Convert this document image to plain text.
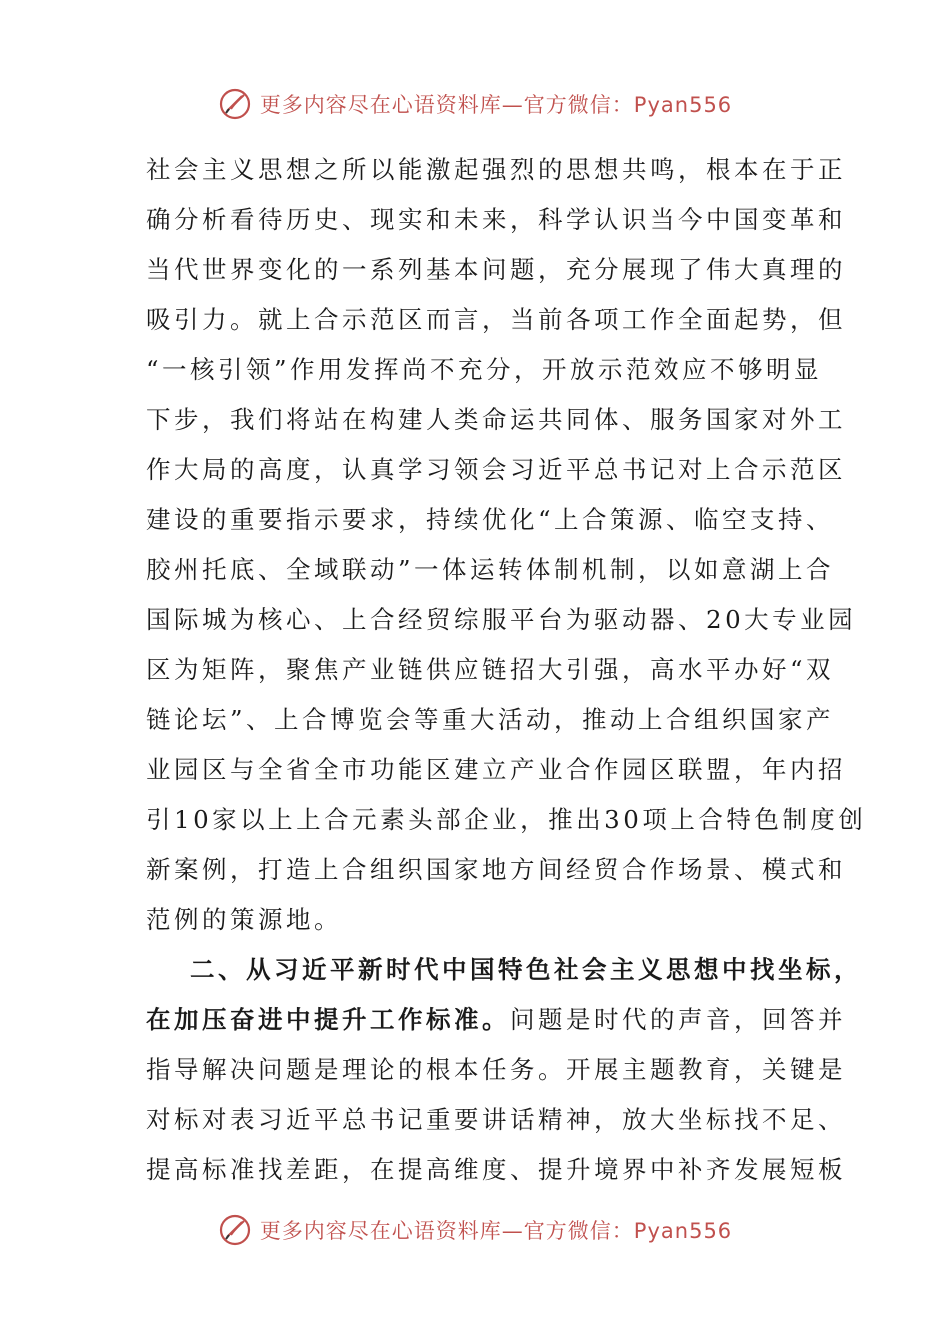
更多内容尽在心语资料库—官方微信：Pyan556
社会主义思想之所以能激起强烈的思想共鸣，根本在于正
确分析看待历史、现实和未来，科学认识当今中国变革和
当代世界变化的一系列基本问题，充分展现了伟大真理的
吸引力。就上合示范区而言，当前各项工作全面起势，但
“一核引领”作用发挥尚不充分，开放示范效应不够明显
下步，我们将站在构建人类命运共同体、服务国家对外工
作大局的高度，认真学习领会习近平总书记对上合示范区
建设的重要指示要求，持续优化“上合策源、临空支持、
胶州托底、全域联动”一体运转体制机制，以如意湖上合
国际城为核心、上合经贸综服平台为驱动器、20大专业园
区为矩阵，聚焦产业链供应链招大引强，高水平办好“双
链论坛”、上合博览会等重大活动，推动上合组织国家产
业园区与全省全市功能区建立产业合作园区联盟，年内招
引10家以上上合元素头部企业，推出30项上合特色制度创
新案例，打造上合组织国家地方间经贸合作场景、模式和
范例的策源地。
二、从习近平新时代中国特色社会主义思想中找坐标，
在加压奋进中提升工作标准。问题是时代的声音，回答并
指导解决问题是理论的根本任务。开展主题教育，关键是
对标对表习近平总书记重要讲话精神，放大坐标找不足、
提高标准找差距，在提高维度、提升境界中补齐发展短板
更多内容尽在心语资料库—官方微信：Pyan556
